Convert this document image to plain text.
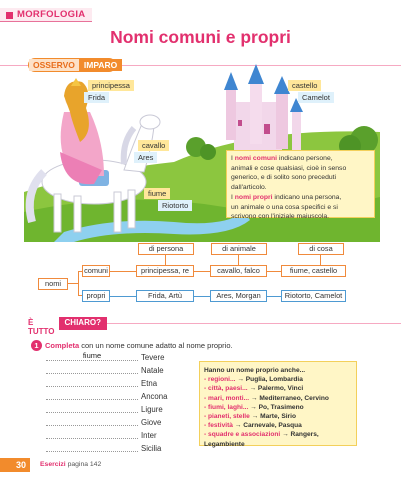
MORFOLOGIA
Nomi comuni e propri
OSSERVO	IMPARO
principessa
Frida
castello
Camelot
cavallo
Ares
fiume
Riotorto
I nomi comuni indicano persone,
animali e cose qualsiasi, cioè in senso
generico, e di solito sono preceduti
dall'articolo.
I nomi propri indicano una persona,
un animale o una cosa specifici e si
scrivono con l'iniziale maiuscola.
di persona	di animale	di cosa
nomi
comuni
propri
principessa, re	cavallo, falco	fiume, castello
Frida, Artù	Ares, Morgan	Riotorto, Camelot
È TUTTO
CHIARO?
1 Completa con un nome comune adatto al nome proprio.
fiume	Tevere
Natale
Etna
Ancona
Ligure
Giove
Inter
Sicilia
Hanno un nome proprio anche...
- regioni... → Puglia, Lombardia
- città, paesi... → Palermo, Vinci
- mari, monti... → Mediterraneo, Cervino
- fiumi, laghi... → Po, Trasimeno
- pianeti, stelle → Marte, Sirio
- festività → Carnevale, Pasqua
- squadre e associazioni → Rangers, Legambiente
30	Esercizi pagina 142
